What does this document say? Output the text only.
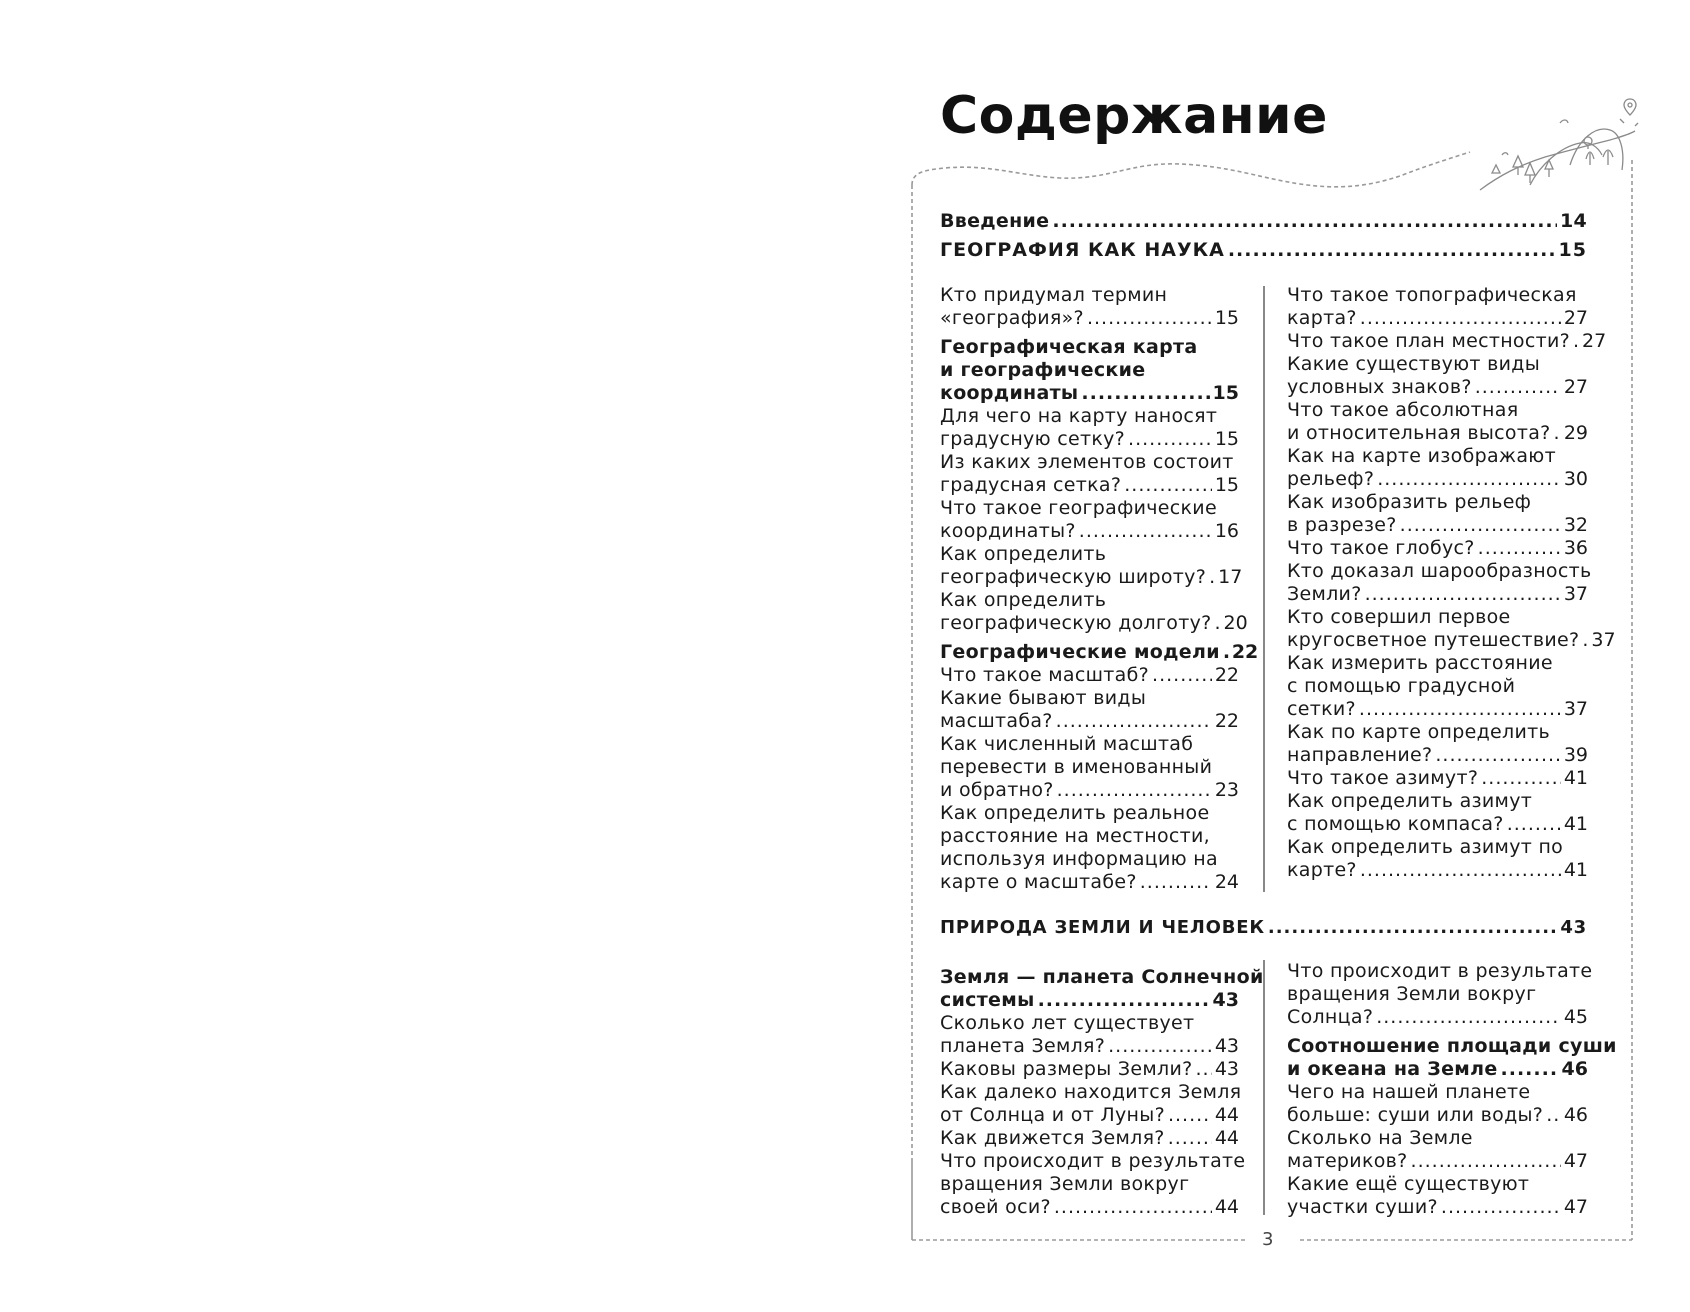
Содержание
Введение .....	14
ГЕОГРАФИЯ КАК НАУКА .....	15
Кто придумал термин
«география»? .....	15
Географическая карта
и географические
координаты .....	15
Для чего на карту наносят
градусную сетку? .....	15
Из каких элементов состоит
градусная сетка? .....	15
Что такое географические
координаты? .....	16
Как определить
географическую широту? ..... 17
Как определить
географическую долготу? ..... 20
Географические модели ..... 22
Что такое масштаб? .....	22
Какие бывают виды
масштаба? .....	22
Как численный масштаб
перевести в именованный
и обратно? .....	23
Как определить реальное
расстояние на местности,
используя информацию на
карте о масштабе? .....	24
Что такое топографическая
карта? .....	27
Что такое план местности? ..... 27
Какие существуют виды
условных знаков? .....	27
Что такое абсолютная
и относительная высота? ..... 29
Как на карте изображают
рельеф? .....	30
Как изобразить рельеф
в разрезе? .....	32
Что такое глобус? .....	36
Кто доказал шарообразность
Земли? .....	37
Кто совершил первое
кругосветное путешествие? ..... 37
Как измерить расстояние
с помощью градусной
сетки? .....	37
Как по карте определить
направление? .....	39
Что такое азимут? .....	41
Как определить азимут
с помощью компаса? .....	41
Как определить азимут по
карте? .....	41
ПРИРОДА ЗЕМЛИ И ЧЕЛОВЕК .....	43
Земля — планета Солнечной
системы .....	43
Сколько лет существует
планета Земля? .....	43
Каковы размеры Земли? ..... 43
Как далеко находится Земля
от Солнца и от Луны? .....	44
Как движется Земля? .....	44
Что происходит в результате
вращения Земли вокруг
своей оси? .....	44
Что происходит в результате
вращения Земли вокруг
Солнца? .....	45
Соотношение площади суши
и океана на Земле .....	46
Чего на нашей планете
больше: суши или воды? ..... 46
Сколько на Земле
материков? .....	47
Какие ещё существуют
участки суши? .....	47
3
